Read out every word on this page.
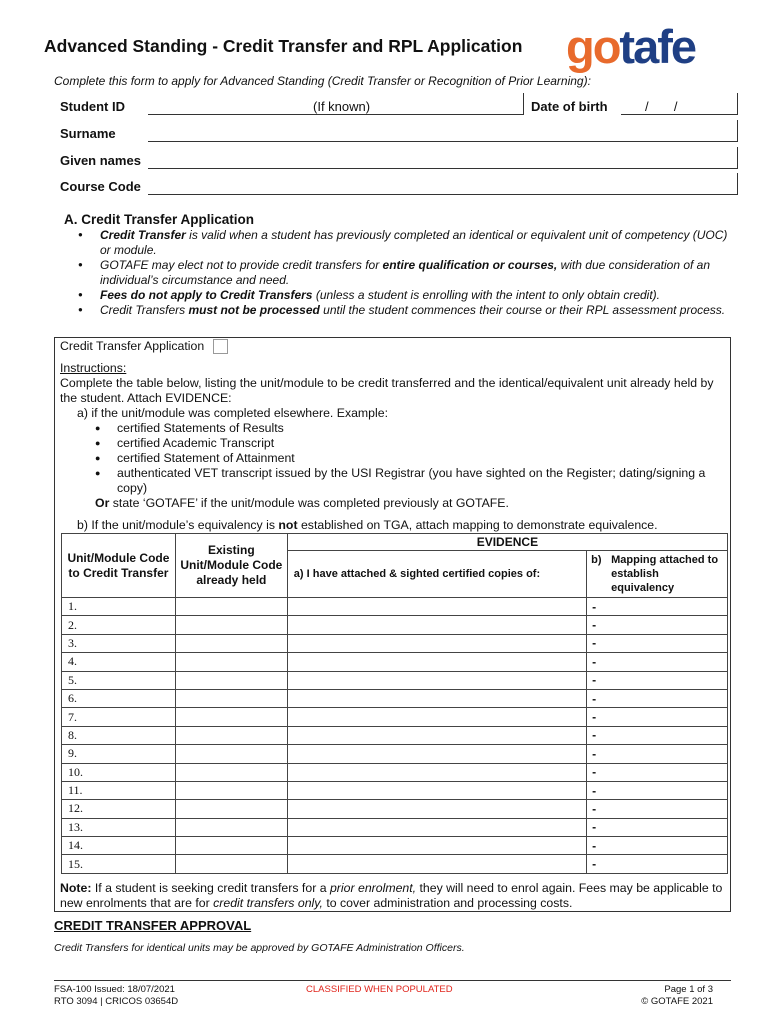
Advanced Standing - Credit Transfer and RPL Application gotafe
Complete this form to apply for Advanced Standing (Credit Transfer or Recognition of Prior Learning):
Student ID	(If known)	Date of birth	/       /
Surname
Given names
Course Code
A. Credit Transfer Application
● Credit Transfer is valid when a student has previously completed an identical or equivalent unit of competency (UOC) or module.
● GOTAFE may elect not to provide credit transfers for entire qualification or courses, with due consideration of an individual’s circumstance and need.
● Fees do not apply to Credit Transfers (unless a student is enrolling with the intent to only obtain credit).
● Credit Transfers must not be processed until the student commences their course or their RPL assessment process.
Credit Transfer Application
Instructions:
Complete the table below, listing the unit/module to be credit transferred and the identical/equivalent unit already held by the student. Attach EVIDENCE:
a) if the unit/module was completed elsewhere. Example:
● certified Statements of Results
● certified Academic Transcript
● certified Statement of Attainment
● authenticated VET transcript issued by the USI Registrar (you have sighted on the Register; dating/signing a copy)
Or state ‘GOTAFE’ if the unit/module was completed previously at GOTAFE.
b) If the unit/module’s equivalency is not established on TGA, attach mapping to demonstrate equivalence.
Unit/Module Code to Credit Transfer	Existing Unit/Module Code already held	EVIDENCE	
		a) I have attached & sighted certified copies of:	b) Mapping attached to establish equivalency

1.			-
2.			-
3.			-
4.			-
5.			-
6.			-
7.			-
8.			-
9.			-
10.			-
11.			-
12.			-
13.			-
14.			-
15.			-
Note: If a student is seeking credit transfers for a prior enrolment, they will need to enrol again. Fees may be applicable to new enrolments that are for credit transfers only, to cover administration and processing costs.
CREDIT TRANSFER APPROVAL
Credit Transfers for identical units may be approved by GOTAFE Administration Officers.
FSA-100 Issued: 18/07/2021
RTO 3094 | CRICOS 03654D
CLASSIFIED WHEN POPULATED	Page 1 of 3
© GOTAFE 2021
